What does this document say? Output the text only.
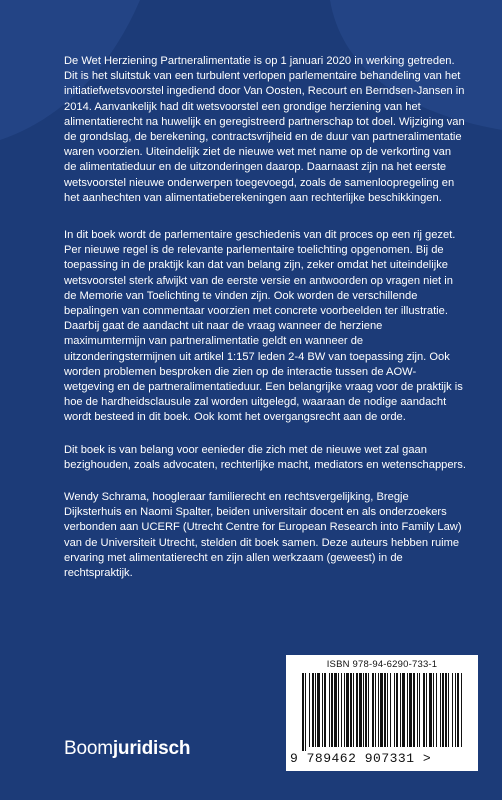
De Wet Herziening Partneralimentatie is op 1 januari 2020 in werking getreden. Dit is het sluitstuk van een turbulent verlopen parlementaire behandeling van het initiatiefwetsvoorstel ingediend door Van Oosten, Recourt en Berndsen-Jansen in 2014. Aanvankelijk had dit wetsvoorstel een grondige herziening van het alimentatierecht na huwelijk en geregistreerd partnerschap tot doel. Wijziging van de grondslag, de berekening, contractsvrijheid en de duur van partneralimentatie waren voorzien. Uiteindelijk ziet de nieuwe wet met name op de verkorting van de alimentatieduur en de uitzonderingen daarop. Daarnaast zijn na het eerste wetsvoorstel nieuwe onderwerpen toegevoegd, zoals de samenloopregeling en het aanhechten van alimentatieberekeningen aan rechterlijke beschikkingen.

In dit boek wordt de parlementaire geschiedenis van dit proces op een rij gezet. Per nieuwe regel is de relevante parlementaire toelichting opgenomen. Bij de toepassing in de praktijk kan dat van belang zijn, zeker omdat het uiteindelijke wetsvoorstel sterk afwijkt van de eerste versie en antwoorden op vragen niet in de Memorie van Toelichting te vinden zijn. Ook worden de verschillende bepalingen van commentaar voorzien met concrete voorbeelden ter illustratie. Daarbij gaat de aandacht uit naar de vraag wanneer de herziene maximumtermijn van partneralimentatie geldt en wanneer de uitzonderingstermijnen uit artikel 1:157 leden 2-4 BW van toepassing zijn. Ook worden problemen besproken die zien op de interactie tussen de AOW-wetgeving en de partneralimentatieduur. Een belangrijke vraag voor de praktijk is hoe de hardheidsclausule zal worden uitgelegd, waaraan de nodige aandacht wordt besteed in dit boek. Ook komt het overgangsrecht aan de orde.

Dit boek is van belang voor eenieder die zich met de nieuwe wet zal gaan bezighouden, zoals advocaten, rechterlijke macht, mediators en wetenschappers.

Wendy Schrama, hoogleraar familierecht en rechtsvergelijking, Bregje Dijksterhuis en Naomi Spalter, beiden universitair docent en als onderzoekers verbonden aan UCERF (Utrecht Centre for European Research into Family Law) van de Universiteit Utrecht, stelden dit boek samen. Deze auteurs hebben ruime ervaring met alimentatierecht en zijn allen werkzaam (geweest) in de rechtspraktijk.

ISBN 978-94-6290-733-1
9 789462 907331 >
Boomjuridisch
